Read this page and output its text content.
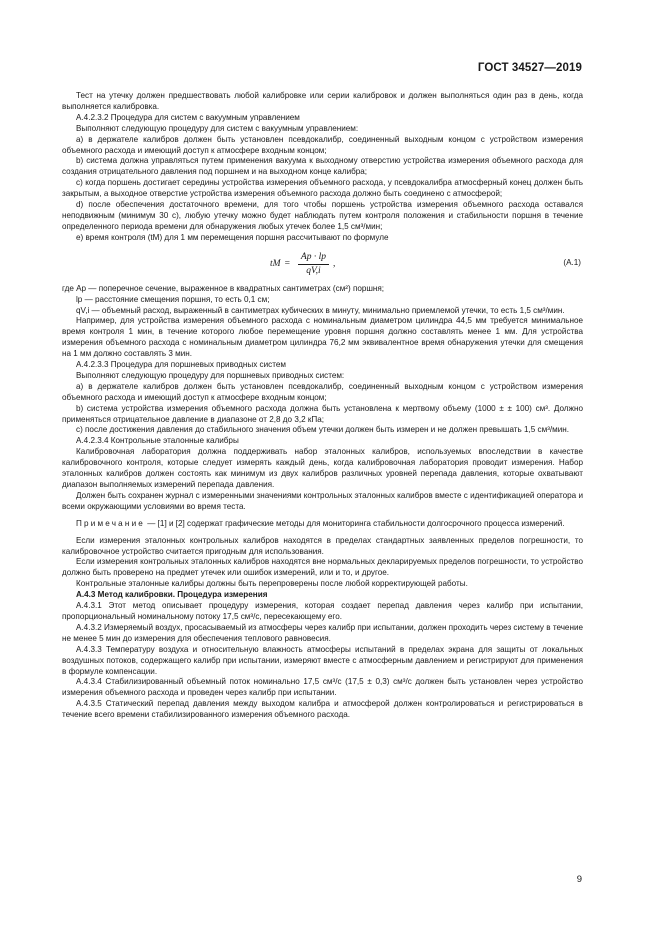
ГОСТ 34527—2019

Тест на утечку должен предшествовать любой калибровке или серии калибровок и должен выполняться один раз в день, когда выполняется калибровка.

А.4.2.3.2 Процедура для систем с вакуумным управлением

Выполняют следующую процедуру для систем с вакуумным управлением:

а) в держателе калибров должен быть установлен псевдокалибр, соединенный выходным концом с устройством измерения объемного расхода и имеющий доступ к атмосфере входным концом;

b) система должна управляться путем применения вакуума к выходному отверстию устройства измерения объемного расхода для создания отрицательного давления под поршнем и на выходном конце калибра;

с) когда поршень достигает середины устройства измерения объемного расхода, у псевдокалибра атмосферный конец должен быть закрытым, а выходное отверстие устройства измерения объемного расхода должно быть соединено с атмосферой;

d) после обеспечения достаточного времени, для того чтобы поршень устройства измерения объемного расхода оставался неподвижным (минимум 30 с), любую утечку можно будет наблюдать путем контроля положения и стабильности поршня в течение определенного периода времени для обнаружения любых утечек более 1,5 см³/мин;

е) время контроля (tM) для 1 мм перемещения поршня рассчитывают по формуле

tM = $\frac{Ap \cdot lp}{qV,i}$ ,	(А.1)

где Ap — поперечное сечение, выраженное в квадратных сантиметрах (см²) поршня;

lp — расстояние смещения поршня, то есть 0,1 см;

qV,i — объемный расход, выраженный в сантиметрах кубических в минуту, минимально приемлемой утечки, то есть 1,5 см³/мин.

Например, для устройства измерения объемного расхода с номинальным диаметром цилиндра 44,5 мм требуется минимальное время контроля 1 мин, в течение которого любое перемещение уровня поршня должно составлять менее 1 мм. Для устройства измерения объемного расхода с номинальным диаметром цилиндра 76,2 мм эквивалентное время обнаружения утечки для смещения на 1 мм должно составлять 3 мин.

А.4.2.3.3 Процедура для поршневых приводных систем

Выполняют следующую процедуру для поршневых приводных систем:

а) в держателе калибров должен быть установлен псевдокалибр, соединенный выходным концом с устройством измерения объемного расхода и имеющий доступ к атмосфере входным концом;

b) система устройства измерения объемного расхода должна быть установлена к мертвому объему (1000 ± ± 100) см³. Должно применяться отрицательное давление в диапазоне от 2,8 до 3,2 кПа;

с) после достижения давления до стабильного значения объем утечки должен быть измерен и не должен превышать 1,5 см³/мин.

А.4.2.3.4 Контрольные эталонные калибры

Калибровочная лаборатория должна поддерживать набор эталонных калибров, используемых впоследствии в качестве калибровочного контроля, которые следует измерять каждый день, когда калибровочная лаборатория проводит измерения. Набор эталонных калибров должен состоять как минимум из двух калибров различных уровней перепада давления, которые охватывают диапазон выполняемых измерений перепада давления.

Должен быть сохранен журнал с измеренными значениями контрольных эталонных калибров вместе с идентификацией оператора и всеми окружающими условиями во время теста.

Примечание — [1] и [2] содержат графические методы для мониторинга стабильности долгосрочного процесса измерений.

Если измерения эталонных контрольных калибров находятся в пределах стандартных заявленных пределов погрешности, то калибровочное устройство считается пригодным для использования.

Если измерения контрольных эталонных калибров находятся вне нормальных декларируемых пределов погрешности, то устройство должно быть проверено на предмет утечек или ошибок измерений, или и то, и другое.

Контрольные эталонные калибры должны быть перепроверены после любой корректирующей работы.

А.4.3 Метод калибровки. Процедура измерения

А.4.3.1 Этот метод описывает процедуру измерения, которая создает перепад давления через калибр при испытании, пропорциональный номинальному потоку 17,5 см³/с, пересекающему его.

А.4.3.2 Измеряемый воздух, просасываемый из атмосферы через калибр при испытании, должен проходить через систему в течение не менее 5 мин до измерения для обеспечения теплового равновесия.

А.4.3.3 Температуру воздуха и относительную влажность атмосферы испытаний в пределах экрана для защиты от локальных воздушных потоков, содержащего калибр при испытании, измеряют вместе с атмосферным давлением и регистрируют для применения в формуле компенсации.

А.4.3.4 Стабилизированный объемный поток номинально 17,5 см³/с (17,5 ± 0,3) см³/с должен быть установлен через устройство измерения объемного расхода и проведен через калибр при испытании.

А.4.3.5 Статический перепад давления между выходом калибра и атмосферой должен контролироваться и регистрироваться в течение всего времени стабилизированного измерения объемного расхода.

9
